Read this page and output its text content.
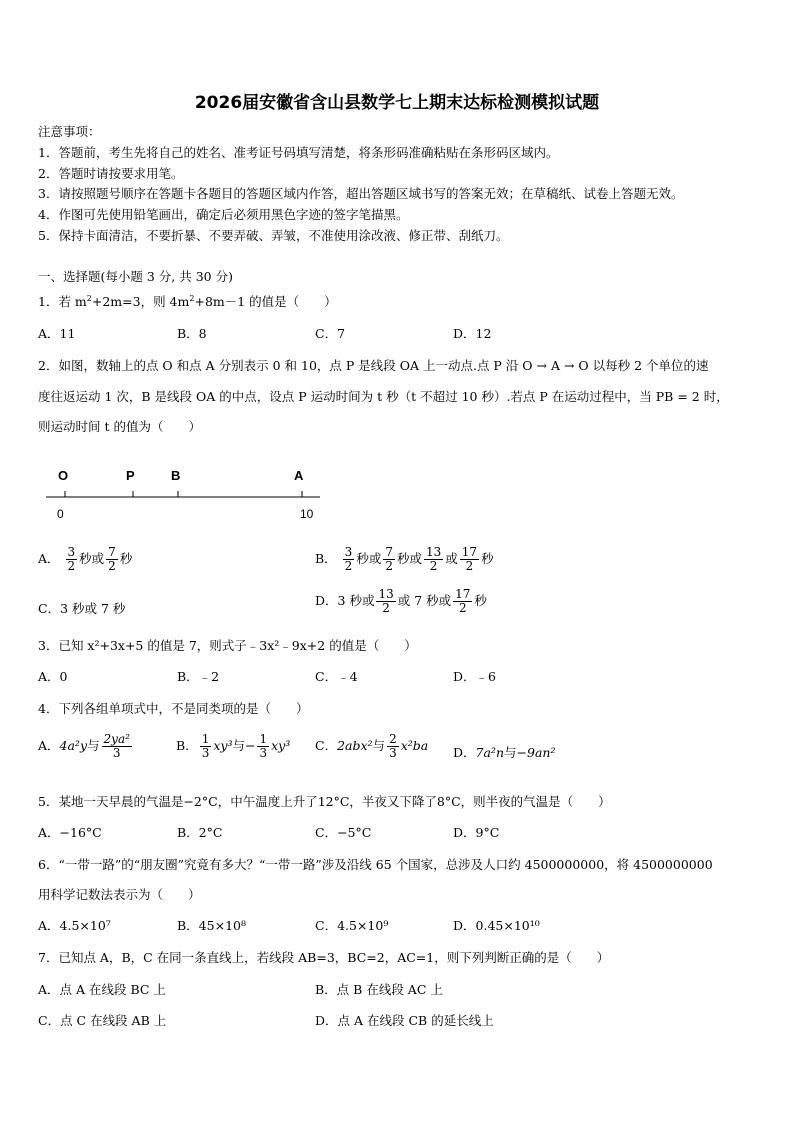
2026届安徽省含山县数学七上期末达标检测模拟试题
注意事项：
1．答题前，考生先将自己的姓名、准考证号码填写清楚，将条形码准确粘贴在条形码区域内。
2．答题时请按要求用笔。
3．请按照题号顺序在答题卡各题目的答题区域内作答，超出答题区域书写的答案无效；在草稿纸、试卷上答题无效。
4．作图可先使用铅笔画出，确定后必须用黑色字迹的签字笔描黑。
5．保持卡面清洁，不要折暴、不要弄破、弄皱，不准使用涂改液、修正带、刮纸刀。
一、选择题(每小题 3 分, 共 30 分)
1．若 $m^2+2m=3$，则 $4m^2+8m-1$ 的值是（　　）
A．11	B．8	C．7	D．12
2．如图，数轴上的点 O 和点 A 分别表示 0 和 10，点 P 是线段 OA 上一动点.点 P 沿 O → A → O 以每秒 2 个单位的速
度往返运动 1 次，B 是线段 OA 的中点，设点 P 运动时间为 t 秒（t 不超过 10 秒）.若点 P 在运动过程中，当 PB = 2 时，
则运动时间 t 的值为（　　）
O	P	B	A
0	10
A． $\frac{3}{2}$ 秒或 $\frac{7}{2}$ 秒	B． $\frac{3}{2}$ 秒或 $\frac{7}{2}$ 秒或 $\frac{13}{2}$ 或 $\frac{17}{2}$ 秒
C．3 秒或 7 秒
D．3 秒或 $\frac{13}{2}$ 或 7 秒或 $\frac{17}{2}$ 秒
3．已知 x²+3x+5 的值是 7，则式子﹣3x²﹣9x+2 的值是（　　）
A．0	B．﹣2	C．﹣4	D．﹣6
4．下列各组单项式中，不是同类项的是（　　）
A．4a²y与 $\frac{\text{2ya²}}{3}$	B． $\frac{1}{3} xy^3$与− $\frac{1}{3} xy^3$ C．2abx²与 $\frac{2}{3} x^2ba$ D．7a²n与−9an²
5．某地一天早晨的气温是−2°C，中午温度上升了12°C，半夜又下降了8°C，则半夜的气温是（　　）
A．−16°C	B．2°C	C．−5°C	D．9°C
6．“一带一路”的“朋友圈”究竟有多大？“一带一路”涉及沿线 65 个国家，总涉及人口约 4500000000，将 4500000000
用科学记数法表示为（　　）
A．4.5×10⁷	B．45×10⁸	C．4.5×10⁹	D．0.45×10¹⁰
7．已知点 A，B，C 在同一条直线上，若线段 AB=3，BC=2，AC=1，则下列判断正确的是（　　）
A．点 A 在线段 BC 上	B．点 B 在线段 AC 上
C．点 C 在线段 AB 上	D．点 A 在线段 CB 的延长线上
